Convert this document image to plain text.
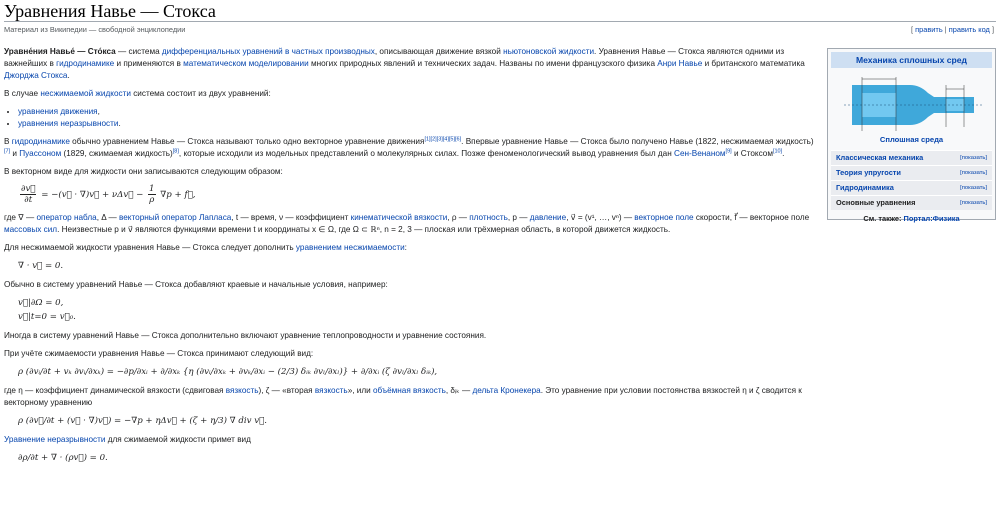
Уравнения Навье — Стокса
Материал из Википедии — свободной энциклопедии	[ править | править код ]

Уравне́ния Навье́ — Сто́кса — система дифференциальных уравнений в частных производных, описывающая движение вязкой ньютоновской жидкости. Уравнения Навье — Стокса являются одними из важнейших в гидродинамике и применяются в математическом моделировании многих природных явлений и технических задач. Названы по имени французского физика Анри Навье и британского математика Джорджа Стокса.

В случае несжимаемой жидкости система состоит из двух уравнений:

• уравнения движения,
• уравнения неразрывности.

В гидродинамике обычно уравнением Навье — Стокса называют только одно векторное уравнение движения[1][2][3][4][5][6]. Впервые уравнение Навье — Стокса было получено Навье (1822, несжимаемая жидкость)[7] и Пуассоном (1829, сжимаемая жидкость)[8], которые исходили из модельных представлений о молекулярных силах. Позже феноменологический вывод уравнения был дан Сен-Венаном[9] и Стоксом[10].

В векторном виде для жидкости они записываются следующим образом:

$\frac{\partial v⃗}{\partial t}$ = −(v⃗ · ∇)v⃗ + νΔv⃗ − $\frac{1}{\rho} \nabla p$ + f⃗,

где ∇ — оператор набла, Δ — векторный оператор Лапласа, t — время, ν — коэффициент кинематической вязкости, ρ — плотность, p — давление, v⃗ = (v¹, …, vⁿ) — векторное поле скорости, f⃗ — векторное поле массовых сил. Неизвестные p и v⃗ являются функциями времени t и координаты x ∈ Ω, где Ω ⊂ ℝⁿ, n = 2, 3 — плоская или трёхмерная область, в которой движется жидкость.

Для несжимаемой жидкости уравнения Навье — Стокса следует дополнить уравнением несжимаемости:

∇ · v⃗ = 0.

Обычно в систему уравнений Навье — Стокса добавляют краевые и начальные условия, например:

v⃗|∂Ω = 0,
v⃗|t=0 = v⃗₀.

Иногда в систему уравнений Навье — Стокса дополнительно включают уравнение теплопроводности и уравнение состояния.

При учёте сжимаемости уравнения Навье — Стокса принимают следующий вид:

ρ (∂vᵢ/∂t + vₖ ∂vᵢ/∂xₖ) = −∂p/∂xᵢ + ∂/∂xₖ {η (∂vᵢ/∂xₖ + ∂vₖ/∂xᵢ − (2/3) δᵢₖ ∂vₗ/∂xₗ)} + ∂/∂xᵢ (ζ ∂vₗ/∂xₗ δᵢₖ),

где η — коэффициент динамической вязкости (сдвиговая вязкость), ζ — «вторая вязкость», или объёмная вязкость, δᵢₖ — дельта Кронекера. Это уравнение при условии постоянства вязкостей η и ζ сводится к векторному уравнению

ρ (∂v⃗/∂t + (v⃗ · ∇)v⃗) = −∇p + ηΔv⃗ + (ζ + η/3) ∇ div v⃗.

Уравнение неразрывности для сжимаемой жидкости примет вид

∂ρ/∂t + ∇ · (ρv⃗) = 0.
Механика сплошных сред
Сплошная среда
Классическая механика	[показать]
Теория упругости	[показать]
Гидродинамика	[показать]
Основные уравнения	[показать]
См. также: Портал:Физика
